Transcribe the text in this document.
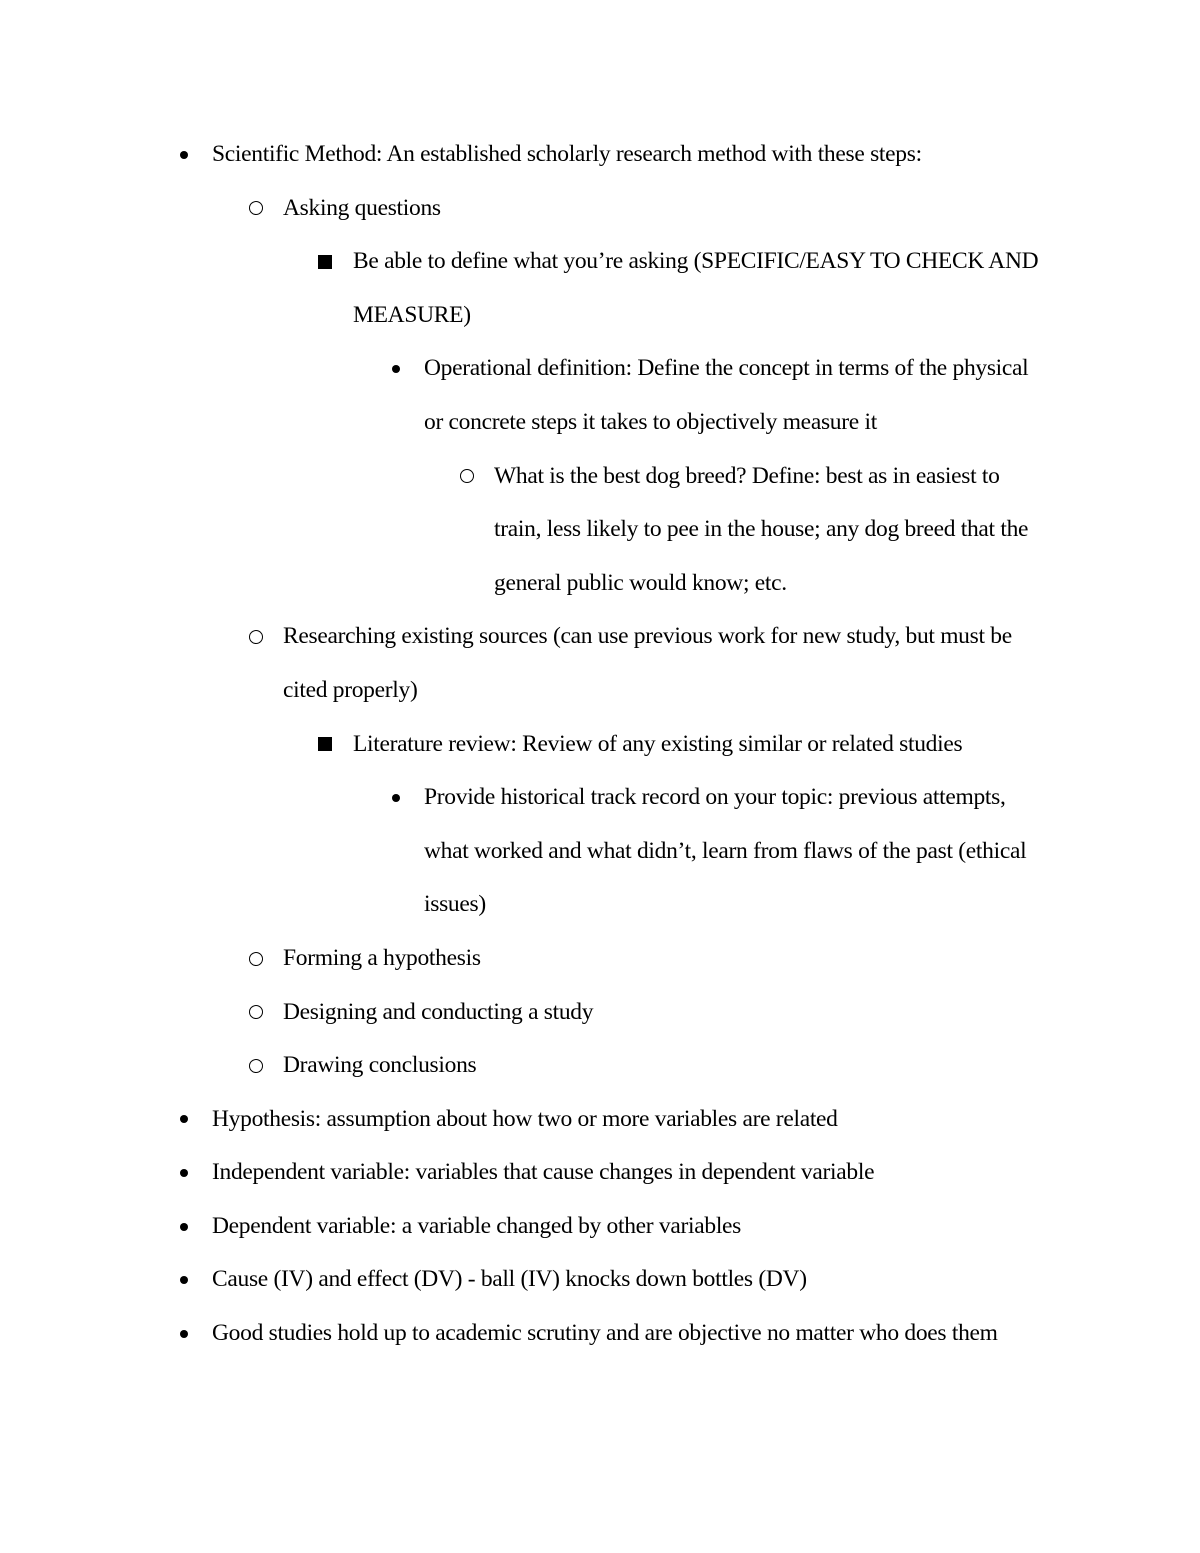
Scientific Method: An established scholarly research method with these steps:
Asking questions
Be able to define what you’re asking (SPECIFIC/EASY TO CHECK AND MEASURE)
Operational definition: Define the concept in terms of the physical or concrete steps it takes to objectively measure it
What is the best dog breed? Define: best as in easiest to train, less likely to pee in the house; any dog breed that the general public would know; etc.
Researching existing sources (can use previous work for new study, but must be cited properly)
Literature review: Review of any existing similar or related studies
Provide historical track record on your topic: previous attempts, what worked and what didn’t, learn from flaws of the past (ethical issues)
Forming a hypothesis
Designing and conducting a study
Drawing conclusions
Hypothesis: assumption about how two or more variables are related
Independent variable: variables that cause changes in dependent variable
Dependent variable: a variable changed by other variables
Cause (IV) and effect (DV) - ball (IV) knocks down bottles (DV)
Good studies hold up to academic scrutiny and are objective no matter who does them
